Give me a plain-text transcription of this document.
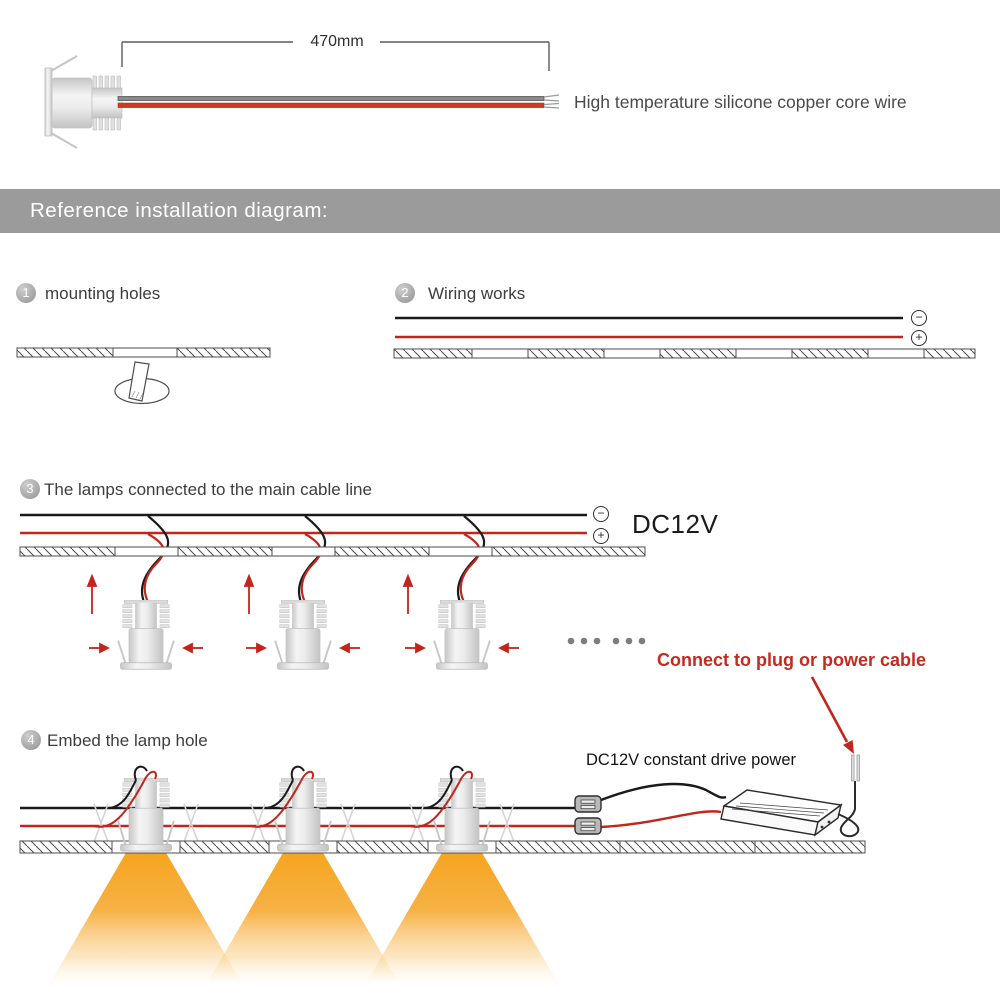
470mm
High temperature silicone copper core wire
Reference installation diagram:
1 mounting holes	2	Wiring works
3 The lamps connected to the main cable line
4 Embed the lamp hole
−
+
−
+ DC12V
Connect to plug or power cable
DC12V constant drive power
